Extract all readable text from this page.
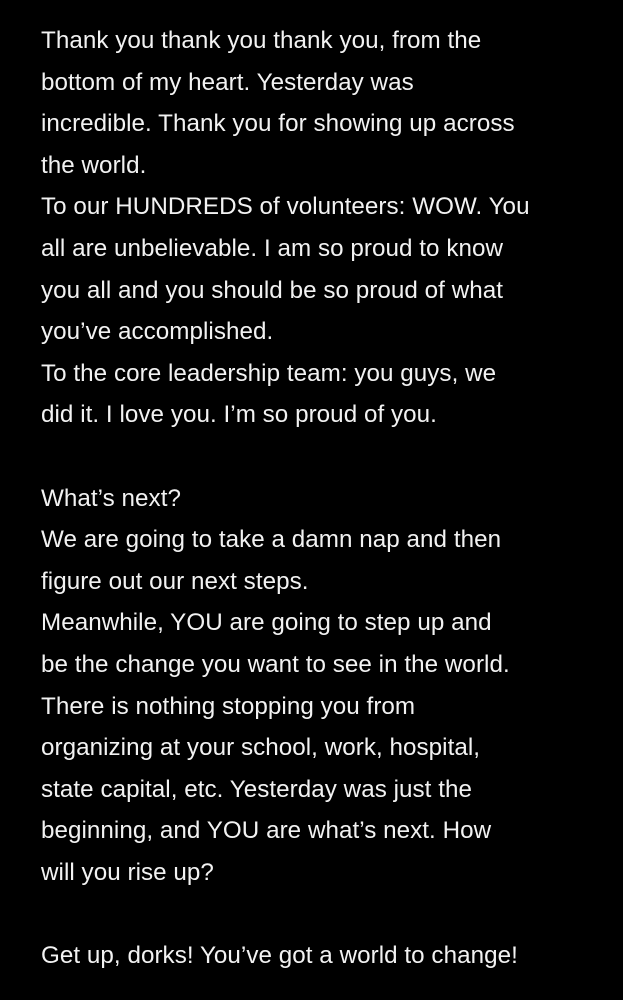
Thank you thank you thank you, from the
bottom of my heart. Yesterday was
incredible. Thank you for showing up across
the world.
To our HUNDREDS of volunteers: WOW. You
all are unbelievable. I am so proud to know
you all and you should be so proud of what
you’ve accomplished.
To the core leadership team: you guys, we
did it. I love you. I’m so proud of you.
What’s next?
We are going to take a damn nap and then
figure out our next steps.
Meanwhile, YOU are going to step up and
be the change you want to see in the world.
There is nothing stopping you from
organizing at your school, work, hospital,
state capital, etc. Yesterday was just the
beginning, and YOU are what’s next. How
will you rise up?
Get up, dorks! You’ve got a world to change!
